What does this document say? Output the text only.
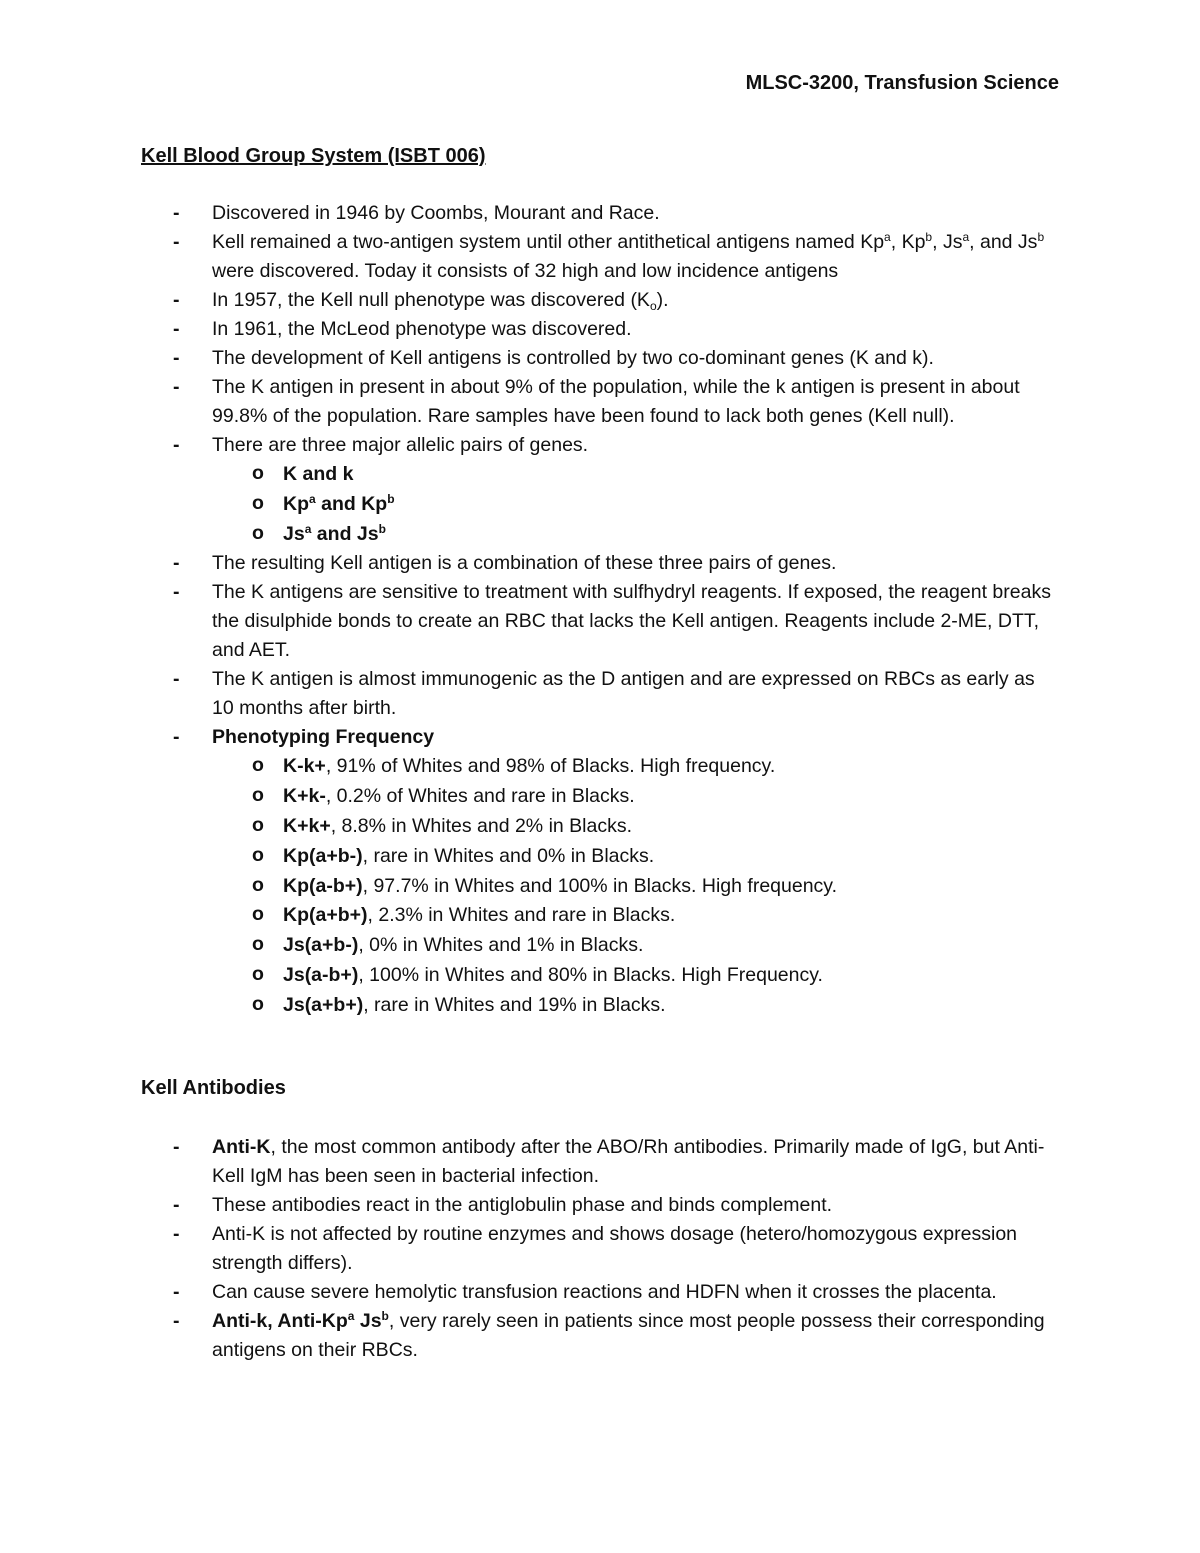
MLSC-3200, Transfusion Science
Kell Blood Group System (ISBT 006)
- Discovered in 1946 by Coombs, Mourant and Race.
- Kell remained a two-antigen system until other antithetical antigens named Kp$^a$, Kp$^b$, Js$^a$, and Js$^b$ were discovered. Today it consists of 32 high and low incidence antigens
- In 1957, the Kell null phenotype was discovered $(K_o)$.
- In 1961, the McLeod phenotype was discovered.
- The development of Kell antigens is controlled by two co-dominant genes (K and k).
- The K antigen in present in about 9% of the population, while the k antigen is present in about 99.8% of the population. Rare samples have been found to lack both genes (Kell null).
- There are three major allelic pairs of genes.
o K and k
o Kp$^a$ and Kp$^b$
o Js$^a$ and Js$^b$
- The resulting Kell antigen is a combination of these three pairs of genes.
- The K antigens are sensitive to treatment with sulfhydryl reagents. If exposed, the reagent breaks the disulphide bonds to create an RBC that lacks the Kell antigen. Reagents include 2-ME, DTT, and AET.
- The K antigen is almost immunogenic as the D antigen and are expressed on RBCs as early as 10 months after birth.
- Phenotyping Frequency
o K-k+, 91% of Whites and 98% of Blacks. High frequency.
o K+k-, 0.2% of Whites and rare in Blacks.
o K+k+, 8.8% in Whites and 2% in Blacks.
o Kp(a+b-), rare in Whites and 0% in Blacks.
o Kp(a-b+), 97.7% in Whites and 100% in Blacks. High frequency.
o Kp(a+b+), 2.3% in Whites and rare in Blacks.
o Js(a+b-), 0% in Whites and 1% in Blacks.
o Js(a-b+), 100% in Whites and 80% in Blacks. High Frequency.
o Js(a+b+), rare in Whites and 19% in Blacks.
Kell Antibodies
- Anti-K, the most common antibody after the ABO/Rh antibodies. Primarily made of IgG, but Anti-Kell IgM has been seen in bacterial infection.
- These antibodies react in the antiglobulin phase and binds complement.
- Anti-K is not affected by routine enzymes and shows dosage (hetero/homozygous expression strength differs).
- Can cause severe hemolytic transfusion reactions and HDFN when it crosses the placenta.
- Anti-k, Anti-Kp$^a$ Js$^b$, very rarely seen in patients since most people possess their corresponding antigens on their RBCs.
